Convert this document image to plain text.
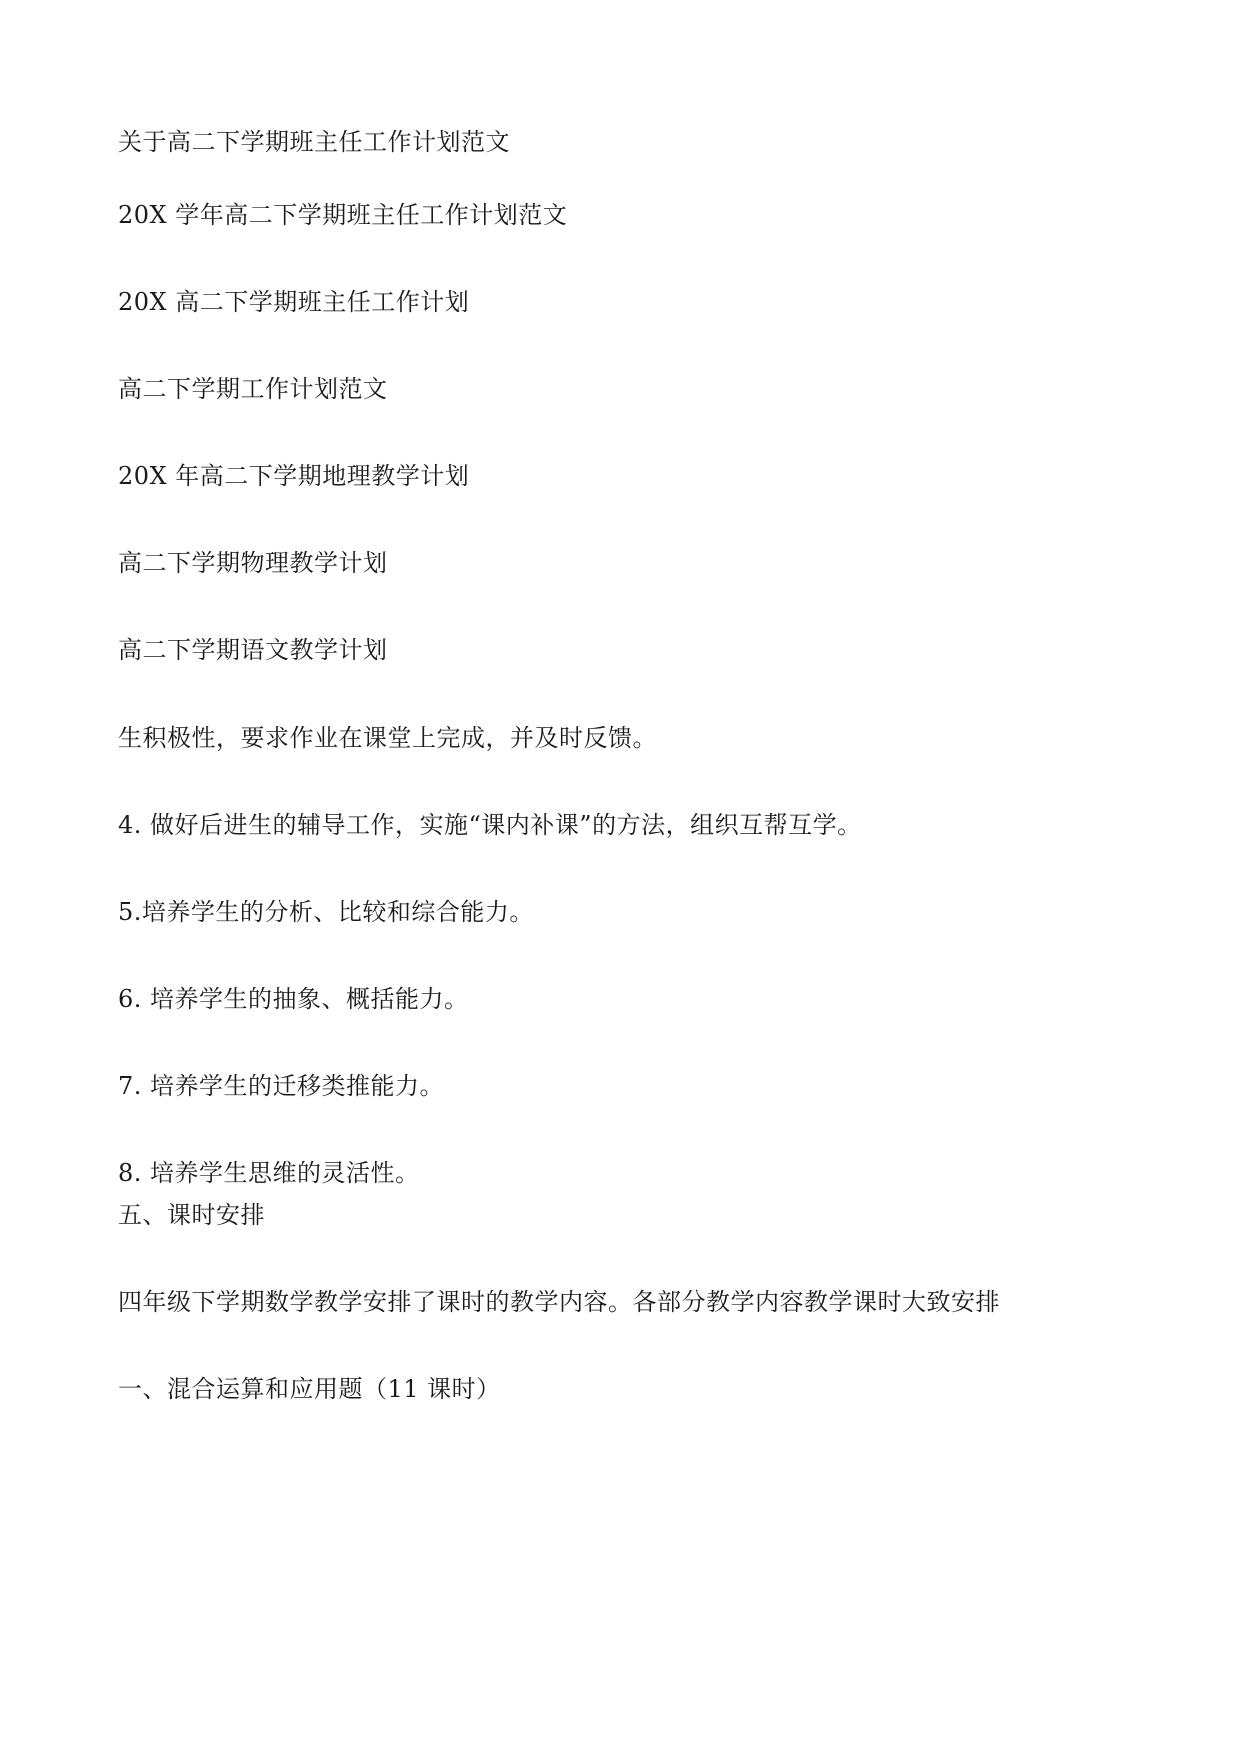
关于高二下学期班主任工作计划范文
20X 学年高二下学期班主任工作计划范文
20X 高二下学期班主任工作计划
高二下学期工作计划范文
20X 年高二下学期地理教学计划
高二下学期物理教学计划
高二下学期语文教学计划
生积极性，要求作业在课堂上完成，并及时反馈。
4. 做好后进生的辅导工作，实施“课内补课”的方法，组织互帮互学。
5.培养学生的分析、比较和综合能力。
6. 培养学生的抽象、概括能力。
7. 培养学生的迁移类推能力。
8. 培养学生思维的灵活性。
五、课时安排
四年级下学期数学教学安排了课时的教学内容。各部分教学内容教学课时大致安排
一、混合运算和应用题（11 课时）
